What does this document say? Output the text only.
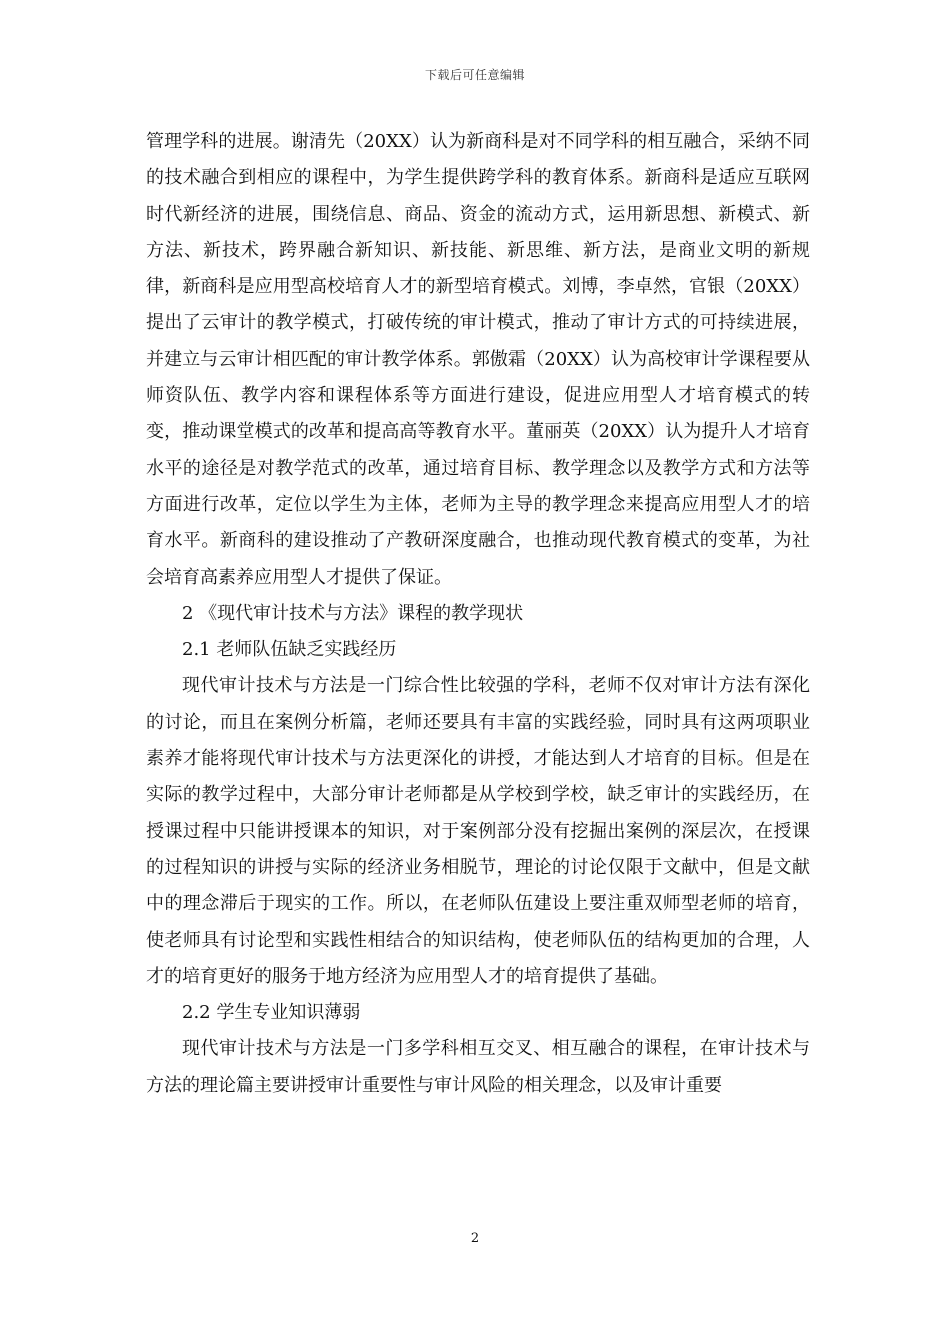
下载后可任意编辑

管理学科的进展。谢清先（20XX）认为新商科是对不同学科的相互融合，采纳不同的技术融合到相应的课程中，为学生提供跨学科的教育体系。新商科是适应互联网时代新经济的进展，围绕信息、商品、资金的流动方式，运用新思想、新模式、新方法、新技术，跨界融合新知识、新技能、新思维、新方法，是商业文明的新规律，新商科是应用型高校培育人才的新型培育模式。刘博，李卓然，官银（20XX）提出了云审计的教学模式，打破传统的审计模式，推动了审计方式的可持续进展，并建立与云审计相匹配的审计教学体系。郭傲霜（20XX）认为高校审计学课程要从师资队伍、教学内容和课程体系等方面进行建设，促进应用型人才培育模式的转变，推动课堂模式的改革和提高高等教育水平。董丽英（20XX）认为提升人才培育水平的途径是对教学范式的改革，通过培育目标、教学理念以及教学方式和方法等方面进行改革，定位以学生为主体，老师为主导的教学理念来提高应用型人才的培育水平。新商科的建设推动了产教研深度融合，也推动现代教育模式的变革，为社会培育高素养应用型人才提供了保证。

2 《现代审计技术与方法》课程的教学现状

2.1 老师队伍缺乏实践经历

现代审计技术与方法是一门综合性比较强的学科，老师不仅对审计方法有深化的讨论，而且在案例分析篇，老师还要具有丰富的实践经验，同时具有这两项职业素养才能将现代审计技术与方法更深化的讲授，才能达到人才培育的目标。但是在实际的教学过程中，大部分审计老师都是从学校到学校，缺乏审计的实践经历，在授课过程中只能讲授课本的知识，对于案例部分没有挖掘出案例的深层次，在授课的过程知识的讲授与实际的经济业务相脱节，理论的讨论仅限于文献中，但是文献中的理念滞后于现实的工作。所以，在老师队伍建设上要注重双师型老师的培育，使老师具有讨论型和实践性相结合的知识结构，使老师队伍的结构更加的合理，人才的培育更好的服务于地方经济为应用型人才的培育提供了基础。

2.2 学生专业知识薄弱

现代审计技术与方法是一门多学科相互交叉、相互融合的课程，在审计技术与方法的理论篇主要讲授审计重要性与审计风险的相关理念，以及审计重要

2
